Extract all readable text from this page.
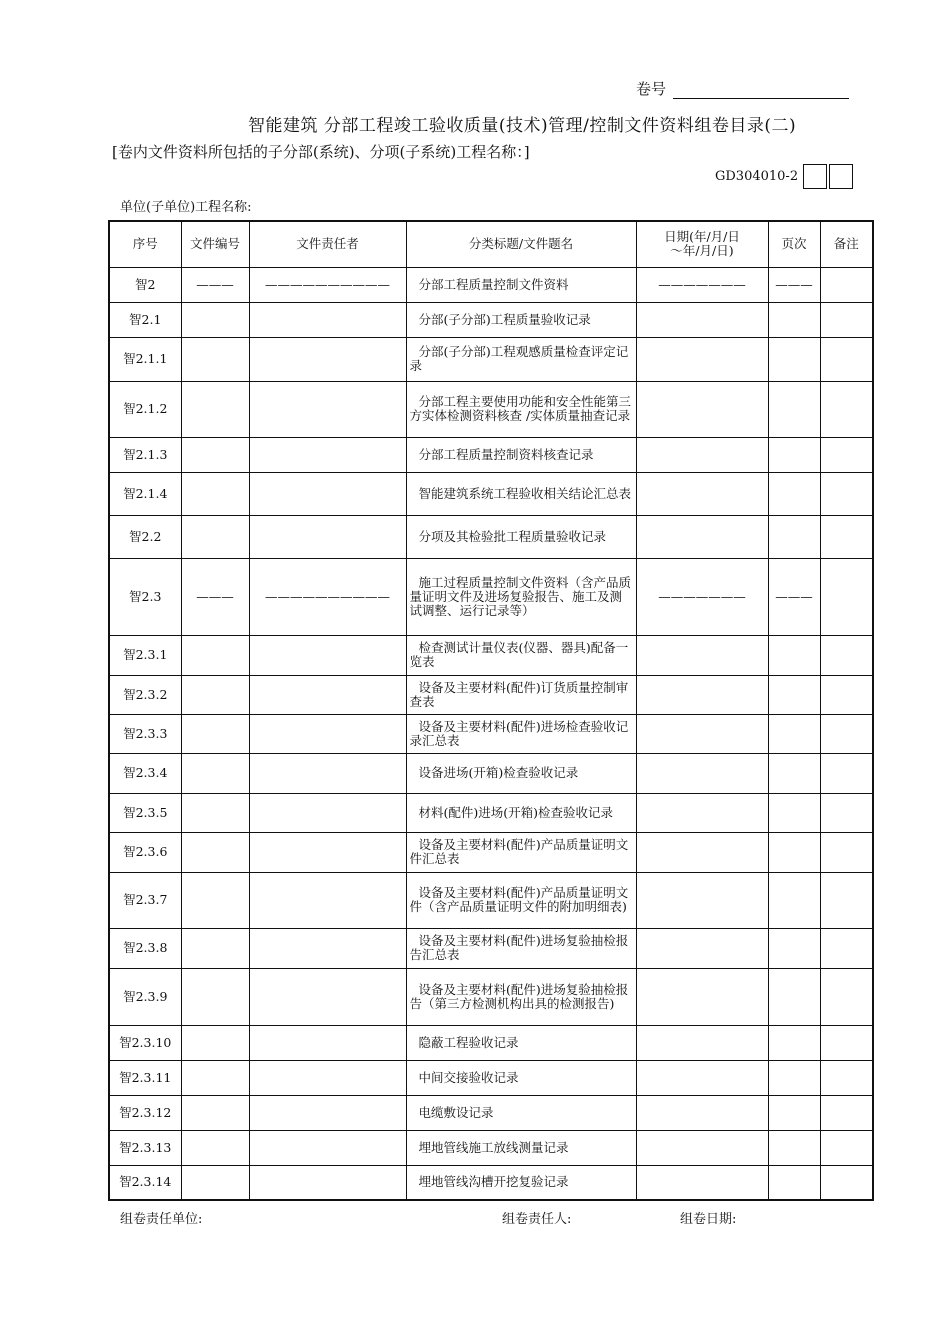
卷号
智能建筑 分部工程竣工验收质量(技术)管理/控制文件资料组卷目录(二)
[卷内文件资料所包括的子分部(系统)、分项(子系统)工程名称：]
GD304010-2
单位(子单位)工程名称:
序号	文件编号	文件责任者	分类标题/文件题名	日期(年/月/日
～年/月/日)	页次	备注
智2	———	——————————	分部工程质量控制文件资料	———————	———	
智2.1			分部(子分部)工程质量验收记录			

智2.1.1			分部(子分部)工程观感质量检查评定记录			

智2.1.2			分部工程主要使用功能和安全性能第三方实体检测资料核查 /实体质量抽查记录			

智2.1.3			分部工程质量控制资料核查记录			

智2.1.4			智能建筑系统工程验收相关结论汇总表			

智2.2			分项及其检验批工程质量验收记录			

智2.3	———	——————————	施工过程质量控制文件资料（含产品质量证明文件及进场复验报告、施工及测试调整、运行记录等）	———————	———	
智2.3.1			检查测试计量仪表(仪器、器具)配备一览表			

智2.3.2			设备及主要材料(配件)订货质量控制审查表			

智2.3.3			设备及主要材料(配件)进场检查验收记录汇总表			

智2.3.4			设备进场(开箱)检查验收记录			

智2.3.5			材料(配件)进场(开箱)检查验收记录			

智2.3.6			设备及主要材料(配件)产品质量证明文件汇总表			

智2.3.7			设备及主要材料(配件)产品质量证明文件（含产品质量证明文件的附加明细表)			

智2.3.8			设备及主要材料(配件)进场复验抽检报告汇总表			

智2.3.9			设备及主要材料(配件)进场复验抽检报告（第三方检测机构出具的检测报告)			

智2.3.10			隐蔽工程验收记录			

智2.3.11			中间交接验收记录			

智2.3.12			电缆敷设记录			

智2.3.13			埋地管线施工放线测量记录			

智2.3.14			埋地管线沟槽开挖复验记录			

组卷责任单位:	组卷责任人:	组卷日期:
